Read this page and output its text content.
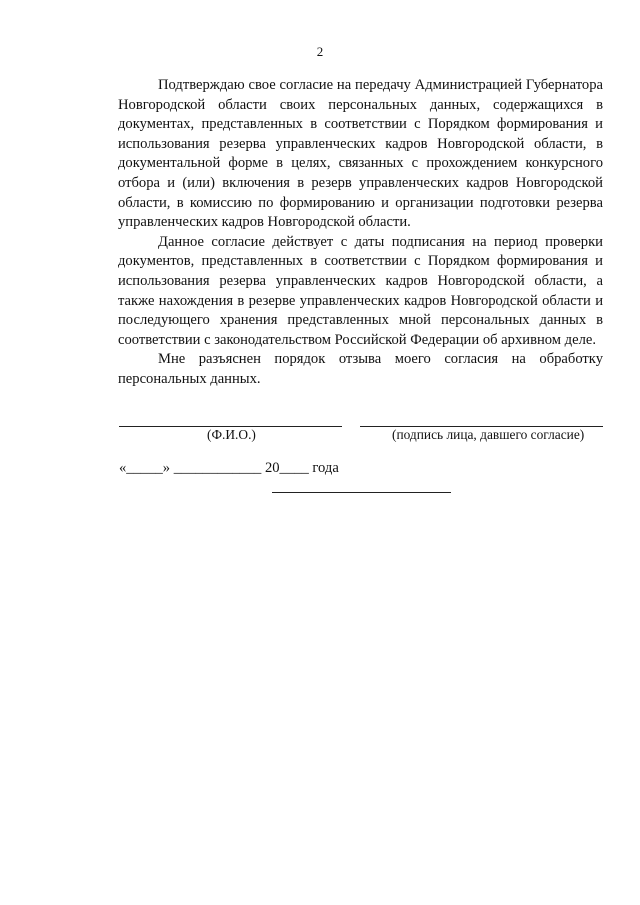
2

Подтверждаю свое согласие на передачу Администрацией Губернатора Новгородской области своих персональных данных, содержащихся в документах, представленных в соответствии с Порядком формирования и использования резерва управленческих кадров Новгородской области, в документальной форме в целях, связанных с прохождением конкурсного отбора и (или) включения в резерв управленческих кадров Новгородской области, в комиссию по формированию и организации подготовки резерва управленческих кадров Новгородской области.

Данное согласие действует с даты подписания на период проверки документов, представленных в соответствии с Порядком формирования и использования резерва управленческих кадров Новгородской области, а также нахождения в резерве управленческих кадров Новгородской области и последующего хранения представленных мной персональных данных в соответствии с законодательством Российской Федерации об архивном деле.

Мне разъяснен порядок отзыва моего согласия на обработку персональных данных.

(Ф.И.О.)	(подпись лица, давшего согласие)
«_____» ____________ 20____ года
